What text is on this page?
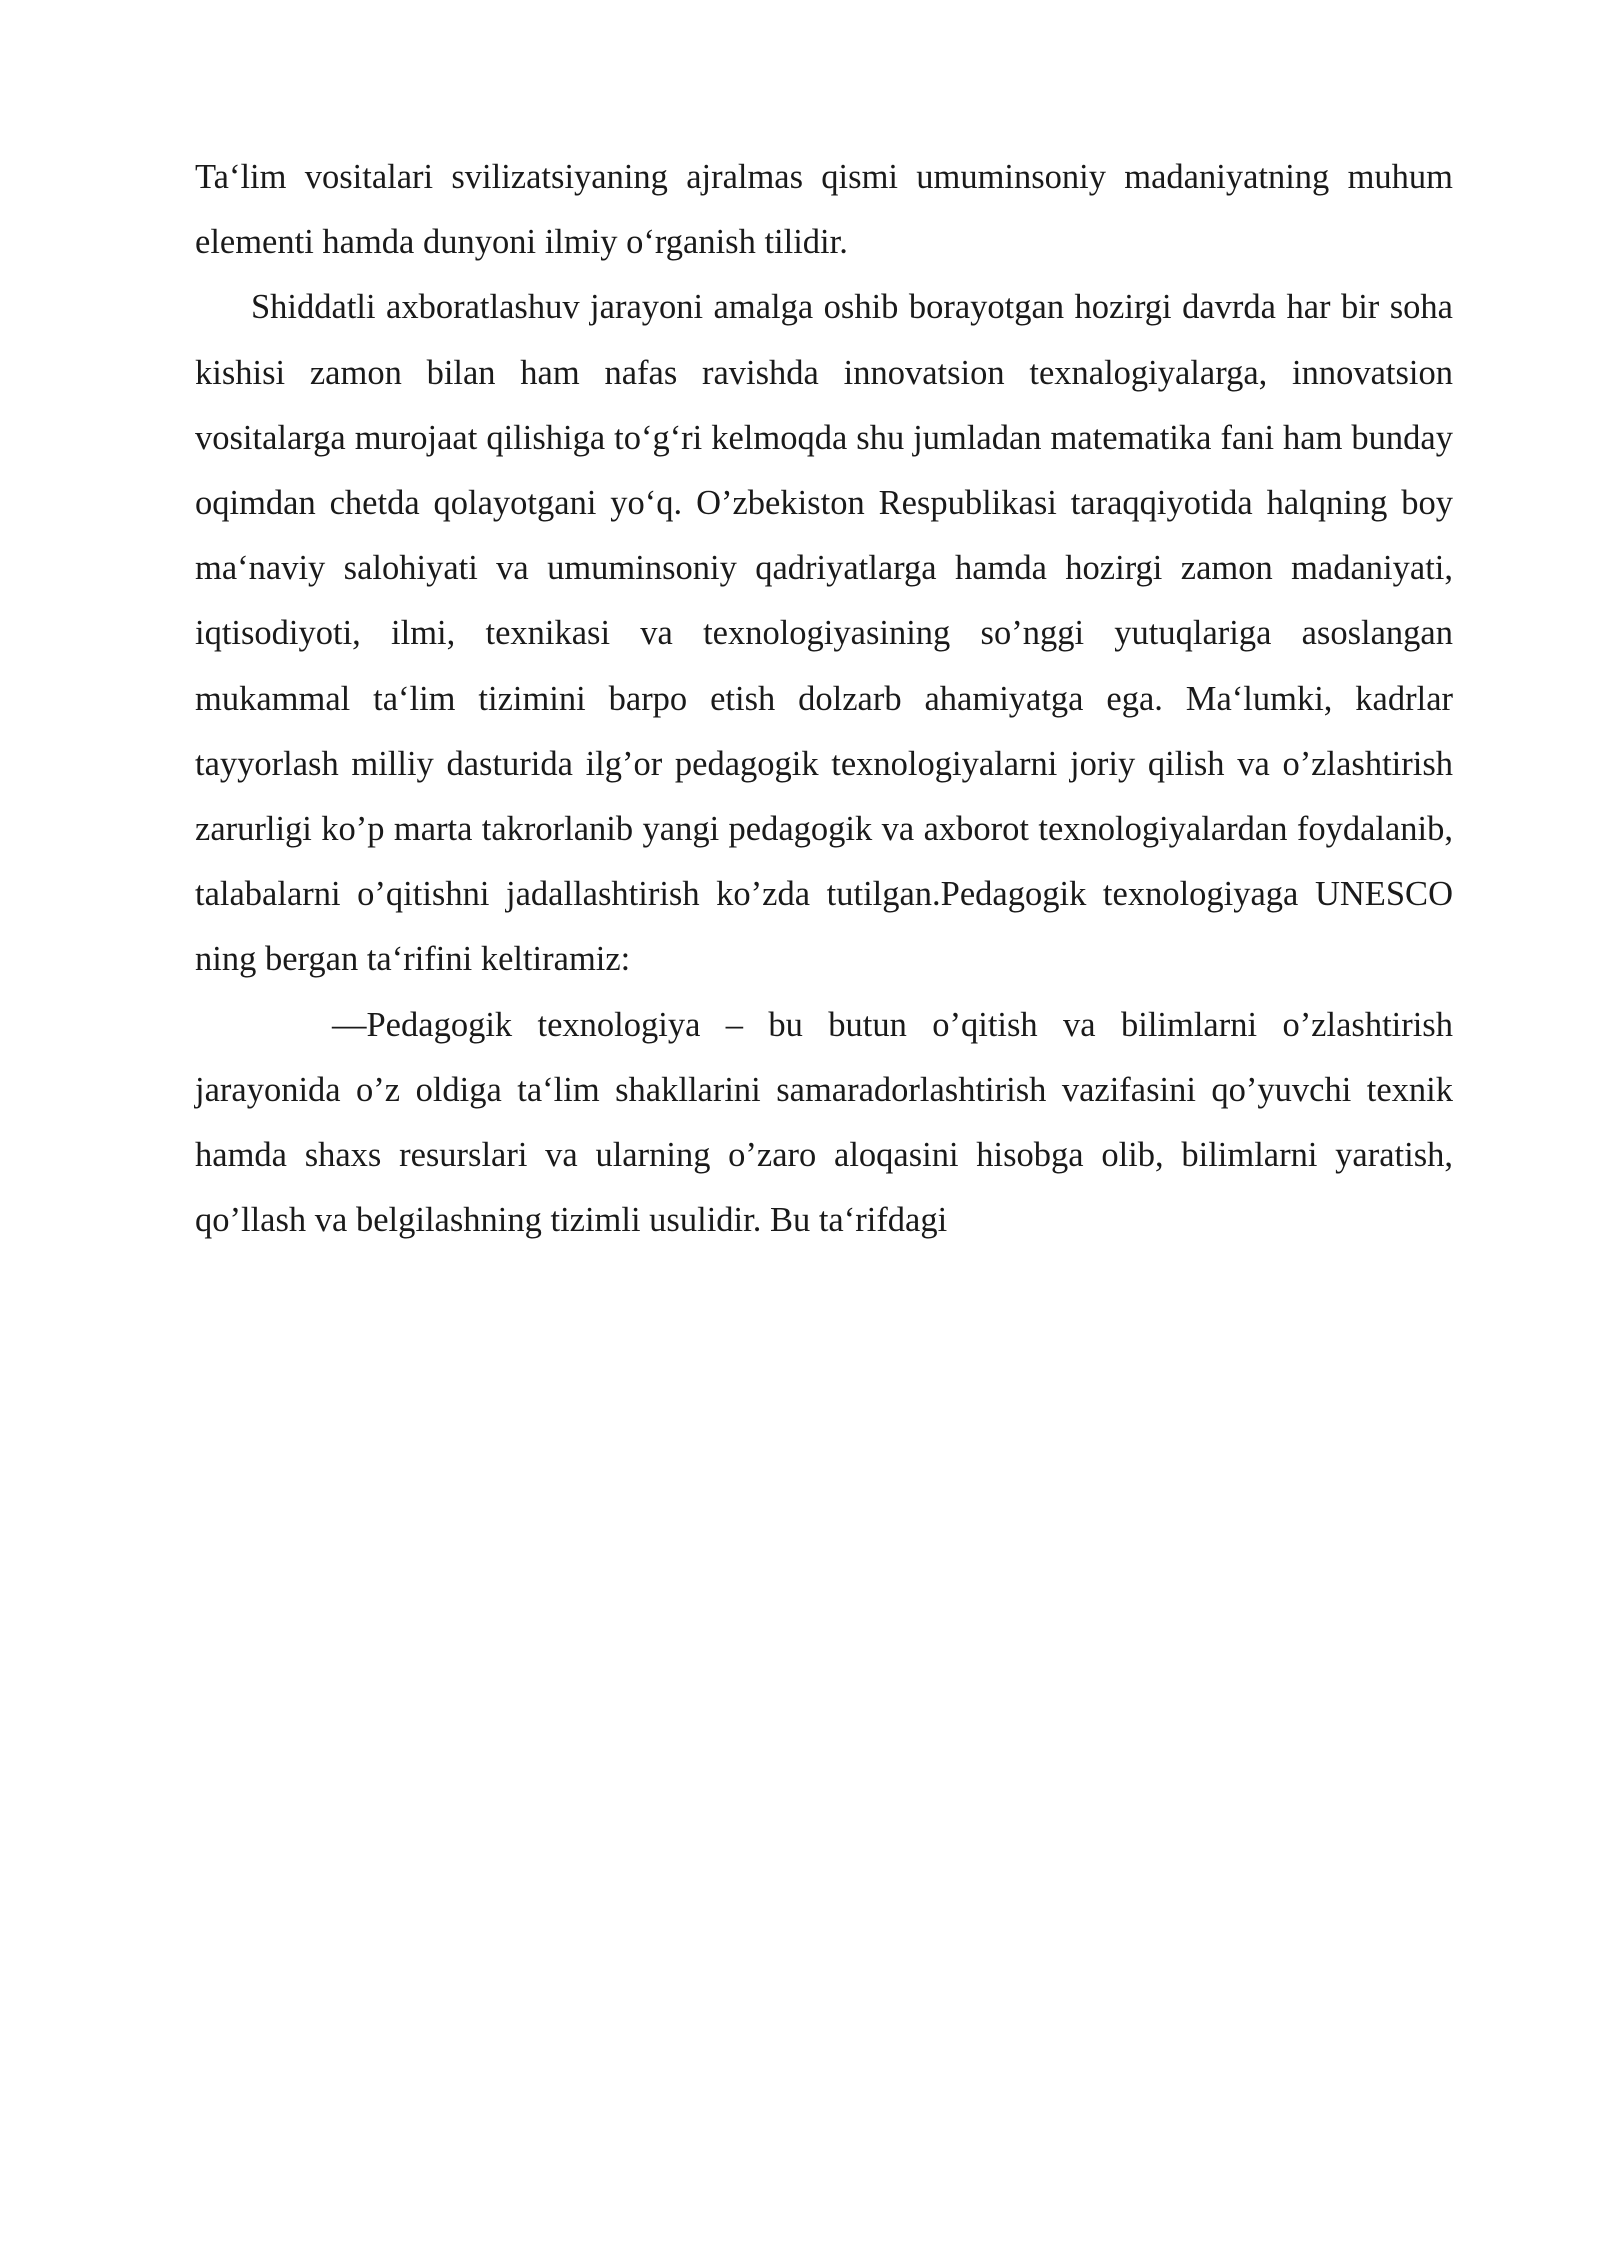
Ta‘lim vositalari svilizatsiyaning ajralmas qismi umuminsoniy madaniyatning muhum elementi hamda dunyoni ilmiy o‘rganish tilidir.

Shiddatli axboratlashuv jarayoni amalga oshib borayotgan hozirgi davrda har bir soha kishisi zamon bilan ham nafas ravishda innovatsion texnalogiyalarga, innovatsion vositalarga murojaat qilishiga to‘g‘ri kelmoqda shu jumladan matematika fani ham bunday oqimdan chetda qolayotgani yo‘q. O’zbekiston Respublikasi taraqqiyotida halqning boy ma‘naviy salohiyati va umuminsoniy qadriyatlarga hamda hozirgi zamon madaniyati, iqtisodiyoti, ilmi, texnikasi va texnologiyasining so’nggi yutuqlariga asoslangan mukammal ta‘lim tizimini barpo etish dolzarb ahamiyatga ega. Ma‘lumki, kadrlar tayyorlash milliy dasturida ilg’or pedagogik texnologiyalarni joriy qilish va o’zlashtirish zarurligi ko’p marta takrorlanib yangi pedagogik va axborot texnologiyalardan foydalanib, talabalarni o’qitishni jadallashtirish ko’zda tutilgan.Pedagogik texnologiyaga UNESCO ning bergan ta‘rifini keltiramiz:

—Pedagogik texnologiya – bu butun o’qitish va bilimlarni o’zlashtirish jarayonida o’z oldiga ta‘lim shakllarini samaradorlashtirish vazifasini qo’yuvchi texnik hamda shaxs resurslari va ularning o’zaro aloqasini hisobga olib, bilimlarni yaratish, qo’llash va belgilashning tizimli usulidir. Bu ta‘rifdagi
